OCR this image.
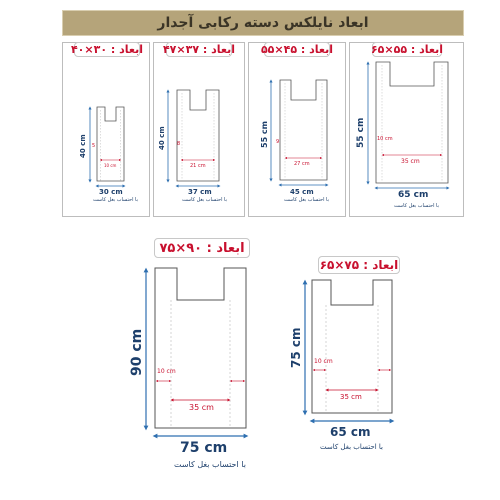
ابعاد نایلکس دسته رکابی آجدار
ابعاد : ۳۰×۴۰ ابعاد : ۳۷×۴۷ ابعاد : ۴۵×۵۵	ابعاد : ۵۵×۶۵
ابعاد : ۹۰×۷۵
ابعاد : ۷۵×۶۵
40 cm
30 cm
با احتساب بغل کاست
5
10 cm
40 cm
37 cm
با احتساب بغل کاست
8
21 cm
55 cm
45 cm
با احتساب بغل کاست
9
27 cm
55 cm
65 cm
با احتساب بغل کاست
10 cm
35 cm
90 cm
75 cm
با احتساب بغل کاست
10 cm
35 cm
75 cm
65 cm
با احتساب بغل کاست
10 cm
35 cm
